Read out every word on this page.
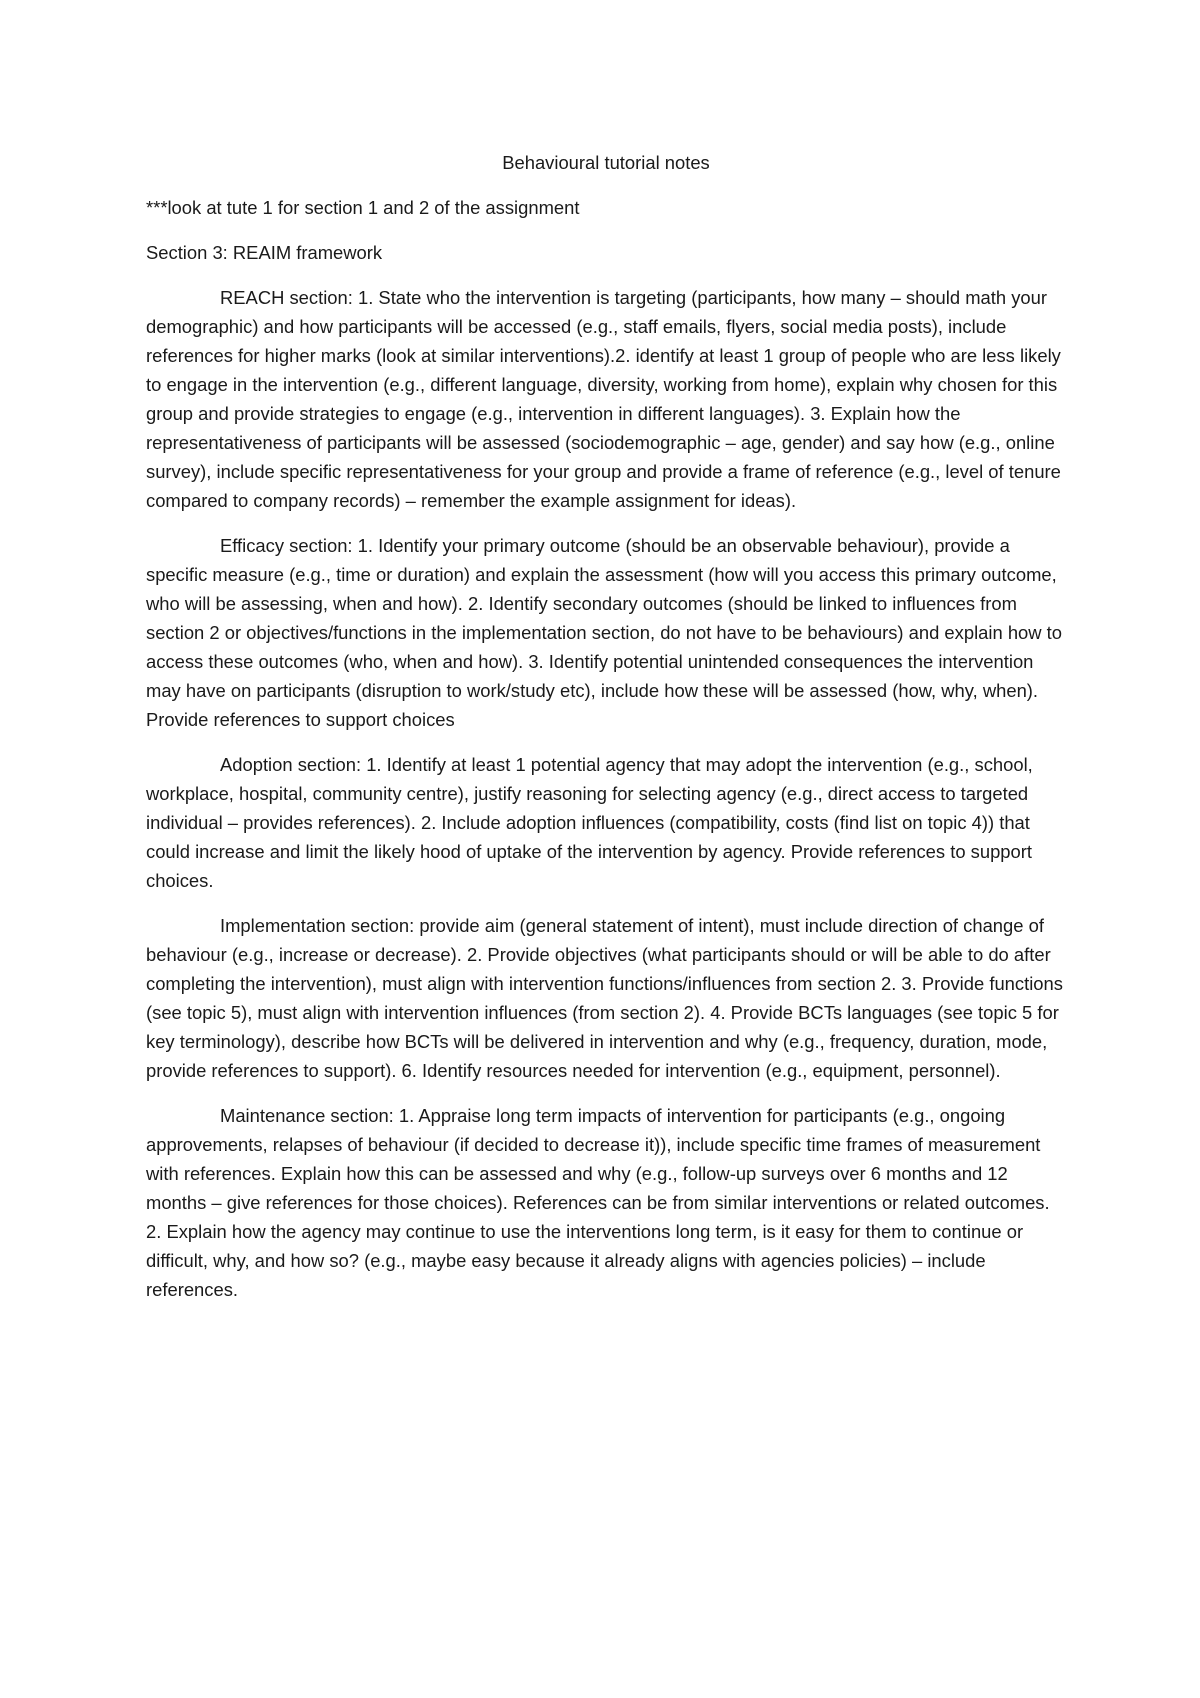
Behavioural tutorial notes

***look at tute 1 for section 1 and 2 of the assignment

Section 3: REAIM framework

REACH section: 1. State who the intervention is targeting (participants, how many – should math your demographic) and how participants will be accessed (e.g., staff emails, flyers, social media posts), include references for higher marks (look at similar interventions).2. identify at least 1 group of people who are less likely to engage in the intervention (e.g., different language, diversity, working from home), explain why chosen for this group and provide strategies to engage (e.g., intervention in different languages). 3. Explain how the representativeness of participants will be assessed (sociodemographic – age, gender) and say how (e.g., online survey), include specific representativeness for your group and provide a frame of reference (e.g., level of tenure compared to company records) – remember the example assignment for ideas).

Efficacy section: 1. Identify your primary outcome (should be an observable behaviour), provide a specific measure (e.g., time or duration) and explain the assessment (how will you access this primary outcome, who will be assessing, when and how). 2. Identify secondary outcomes (should be linked to influences from section 2 or objectives/functions in the implementation section, do not have to be behaviours) and explain how to access these outcomes (who, when and how). 3. Identify potential unintended consequences the intervention may have on participants (disruption to work/study etc), include how these will be assessed (how, why, when). Provide references to support choices

Adoption section: 1. Identify at least 1 potential agency that may adopt the intervention (e.g., school, workplace, hospital, community centre), justify reasoning for selecting agency (e.g., direct access to targeted individual – provides references). 2. Include adoption influences (compatibility, costs (find list on topic 4)) that could increase and limit the likely hood of uptake of the intervention by agency. Provide references to support choices.

Implementation section: provide aim (general statement of intent), must include direction of change of behaviour (e.g., increase or decrease). 2. Provide objectives (what participants should or will be able to do after completing the intervention), must align with intervention functions/influences from section 2. 3. Provide functions (see topic 5), must align with intervention influences (from section 2). 4. Provide BCTs languages (see topic 5 for key terminology), describe how BCTs will be delivered in intervention and why (e.g., frequency, duration, mode, provide references to support). 6. Identify resources needed for intervention (e.g., equipment, personnel).

Maintenance section: 1. Appraise long term impacts of intervention for participants (e.g., ongoing approvements, relapses of behaviour (if decided to decrease it)), include specific time frames of measurement with references. Explain how this can be assessed and why (e.g., follow-up surveys over 6 months and 12 months – give references for those choices). References can be from similar interventions or related outcomes. 2. Explain how the agency may continue to use the interventions long term, is it easy for them to continue or difficult, why, and how so? (e.g., maybe easy because it already aligns with agencies policies) – include references.
